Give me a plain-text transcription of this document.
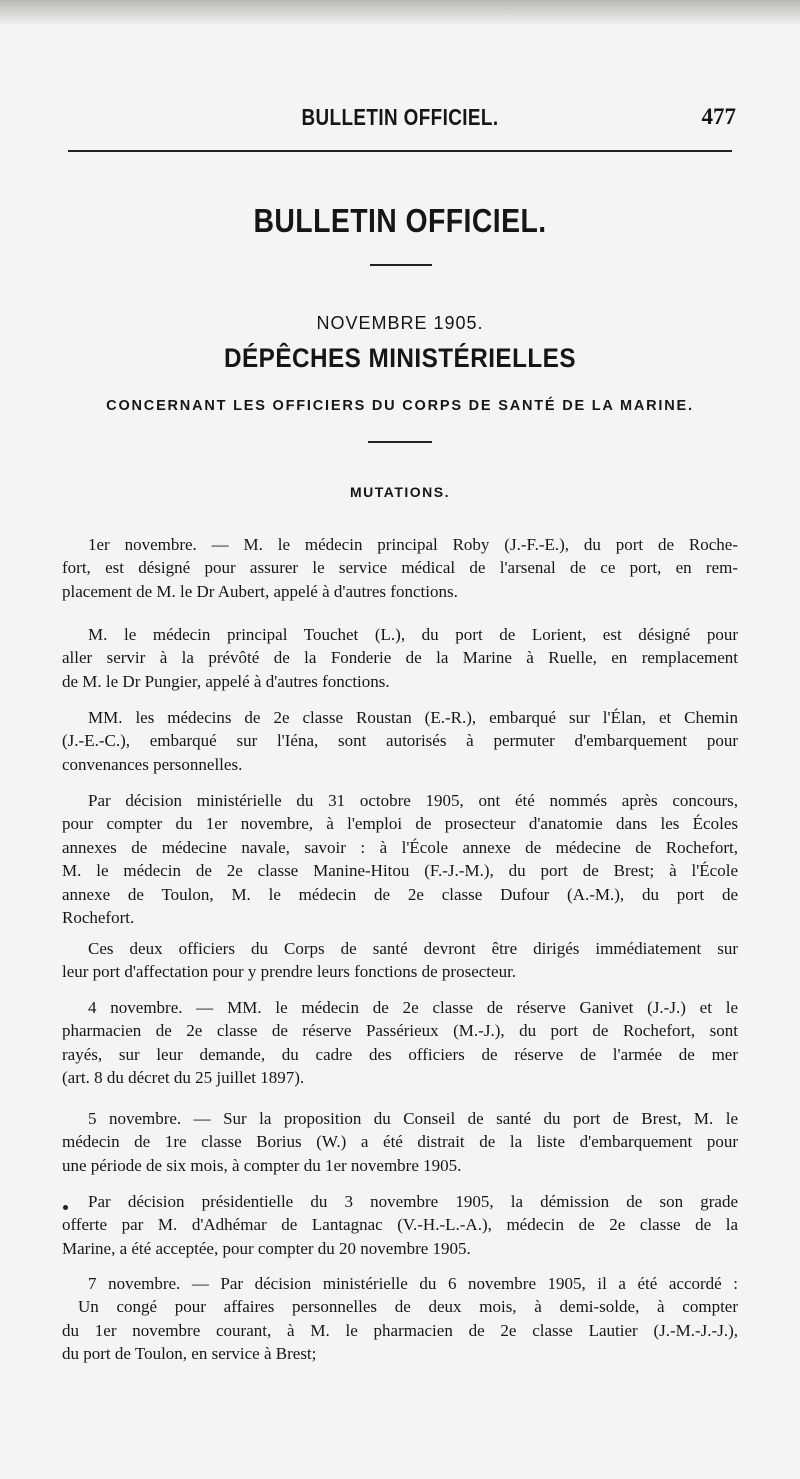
BULLETIN OFFICIEL.	477
BULLETIN OFFICIEL.
NOVEMBRE 1905.
DÉPÊCHES MINISTÉRIELLES
CONCERNANT LES OFFICIERS DU CORPS DE SANTÉ DE LA MARINE.
MUTATIONS.
1er novembre. — M. le médecin principal Roby (J.-F.-E.), du port de Roche-
fort, est désigné pour assurer le service médical de l'arsenal de ce port, en rem-
placement de M. le Dr Aubert, appelé à d'autres fonctions.
M. le médecin principal Touchet (L.), du port de Lorient, est désigné pour
aller servir à la prévôté de la Fonderie de la Marine à Ruelle, en remplacement
de M. le Dr Pungier, appelé à d'autres fonctions.
MM. les médecins de 2e classe Roustan (E.-R.), embarqué sur l'Élan, et Chemin
(J.-E.-C.), embarqué sur l'Iéna, sont autorisés à permuter d'embarquement pour
convenances personnelles.
Par décision ministérielle du 31 octobre 1905, ont été nommés après concours,
pour compter du 1er novembre, à l'emploi de prosecteur d'anatomie dans les Écoles
annexes de médecine navale, savoir : à l'École annexe de médecine de Rochefort,
M. le médecin de 2e classe Manine-Hitou (F.-J.-M.), du port de Brest; à l'École
annexe de Toulon, M. le médecin de 2e classe Dufour (A.-M.), du port de
Rochefort.
Ces deux officiers du Corps de santé devront être dirigés immédiatement sur
leur port d'affectation pour y prendre leurs fonctions de prosecteur.
4 novembre. — MM. le médecin de 2e classe de réserve Ganivet (J.-J.) et le
pharmacien de 2e classe de réserve Passérieux (M.-J.), du port de Rochefort, sont
rayés, sur leur demande, du cadre des officiers de réserve de l'armée de mer
(art. 8 du décret du 25 juillet 1897).
5 novembre. — Sur la proposition du Conseil de santé du port de Brest, M. le
médecin de 1re classe Borius (W.) a été distrait de la liste d'embarquement pour
une période de six mois, à compter du 1er novembre 1905.
Par décision présidentielle du 3 novembre 1905, la démission de son grade
offerte par M. d'Adhémar de Lantagnac (V.-H.-L.-A.), médecin de 2e classe de la
Marine, a été acceptée, pour compter du 20 novembre 1905.
7 novembre. — Par décision ministérielle du 6 novembre 1905, il a été accordé :
Un congé pour affaires personnelles de deux mois, à demi-solde, à compter
du 1er novembre courant, à M. le pharmacien de 2e classe Lautier (J.-M.-J.-J.),
du port de Toulon, en service à Brest;
